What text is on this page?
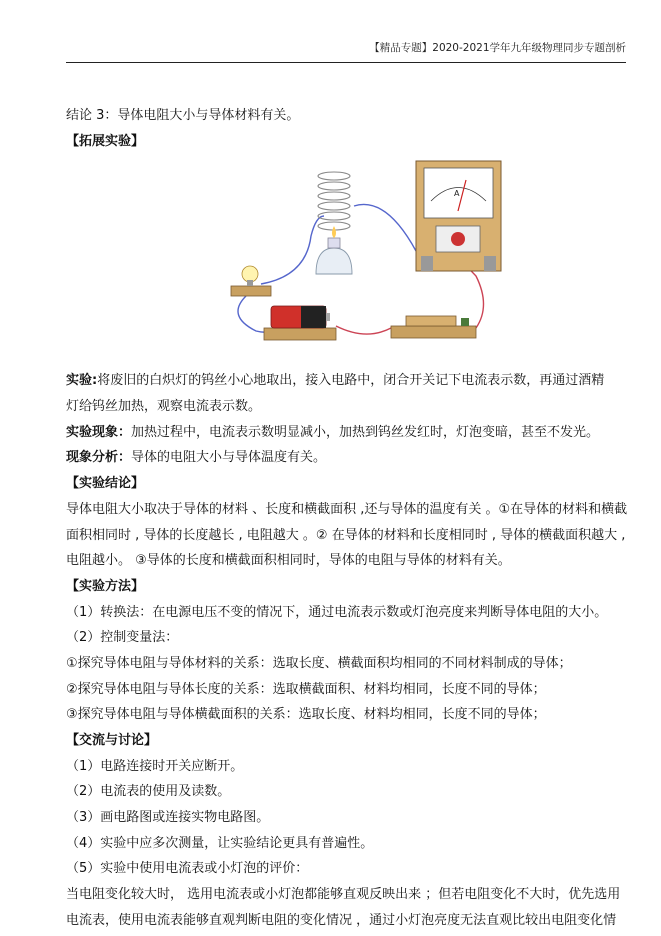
【精品专题】2020-2021学年九年级物理同步专题剖析
结论 3：导体电阻大小与导体材料有关。
【拓展实验】
A
实验:将废旧的白炽灯的钨丝小心地取出，接入电路中，闭合开关记下电流表示数，再通过酒精
灯给钨丝加热，观察电流表示数。
实验现象：加热过程中，电流表示数明显减小，加热到钨丝发红时，灯泡变暗，甚至不发光。
现象分析：导体的电阻大小与导体温度有关。
【实验结论】
导体电阻大小取决于导体的材料 、长度和横截面积 ,还与导体的温度有关 。①在导体的材料和横截
面积相同时 , 导体的长度越长 , 电阻越大 。② 在导体的材料和长度相同时 , 导体的横截面积越大 ,
电阻越小。 ③导体的长度和横截面积相同时，导体的电阻与导体的材料有关。
【实验方法】
（1）转换法：在电源电压不变的情况下，通过电流表示数或灯泡亮度来判断导体电阻的大小。
（2）控制变量法：
①探究导体电阻与导体材料的关系：选取长度、横截面积均相同的不同材料制成的导体；
②探究导体电阻与导体长度的关系：选取横截面积、材料均相同，长度不同的导体；
③探究导体电阻与导体横截面积的关系：选取长度、材料均相同，长度不同的导体；
【交流与讨论】
（1）电路连接时开关应断开。
（2）电流表的使用及读数。
（3）画电路图或连接实物电路图。
（4）实验中应多次测量，让实验结论更具有普遍性。
（5）实验中使用电流表或小灯泡的评价：
当电阻变化较大时， 选用电流表或小灯泡都能够直观反映出来 ；但若电阻变化不大时，优先选用
电流表，使用电流表能够直观判断电阻的变化情况 ，通过小灯泡亮度无法直观比较出电阻变化情
